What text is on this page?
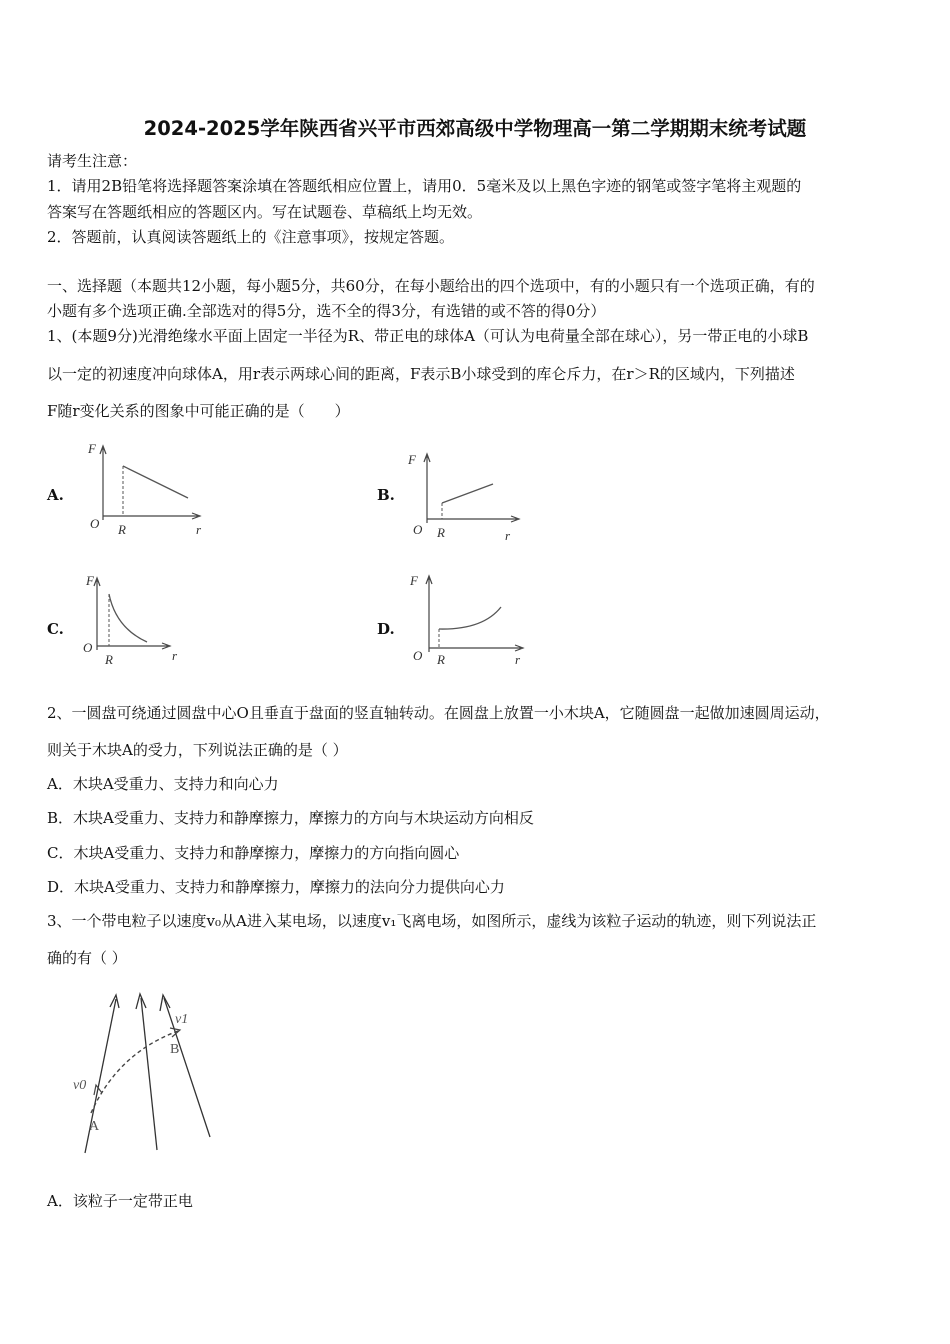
2024-2025学年陕西省兴平市西郊高级中学物理高一第二学期期末统考试题
请考生注意：
1．请用2B铅笔将选择题答案涂填在答题纸相应位置上，请用0．5毫米及以上黑色字迹的钢笔或签字笔将主观题的
答案写在答题纸相应的答题区内。写在试题卷、草稿纸上均无效。
2．答题前，认真阅读答题纸上的《注意事项》，按规定答题。
一、选择题（本题共12小题，每小题5分，共60分，在每小题给出的四个选项中，有的小题只有一个选项正确，有的
小题有多个选项正确.全部选对的得5分，选不全的得3分，有选错的或不答的得0分）
1、(本题9分)光滑绝缘水平面上固定一半径为R、带正电的球体A（可认为电荷量全部在球心），另一带正电的小球B
以一定的初速度冲向球体A，用r表示两球心间的距离，F表示B小球受到的库仑斥力，在r＞R的区域内，下列描述
F随r变化关系的图象中可能正确的是（　　）
A.
F
O	r
R
B.
F
O	r
R
C.
F
O
r
R
D.
F
O	r
R
2、一圆盘可绕通过圆盘中心O且垂直于盘面的竖直轴转动。在圆盘上放置一小木块A，它随圆盘一起做加速圆周运动，
则关于木块A的受力，下列说法正确的是（ ）
A．木块A受重力、支持力和向心力
B．木块A受重力、支持力和静摩擦力，摩擦力的方向与木块运动方向相反
C．木块A受重力、支持力和静摩擦力，摩擦力的方向指向圆心
D．木块A受重力、支持力和静摩擦力，摩擦力的法向分力提供向心力
3、一个带电粒子以速度v₀从A进入某电场，以速度v₁飞离电场，如图所示，虚线为该粒子运动的轨迹，则下列说法正
确的有（ ）
v1
B
v0
A
A．该粒子一定带正电
